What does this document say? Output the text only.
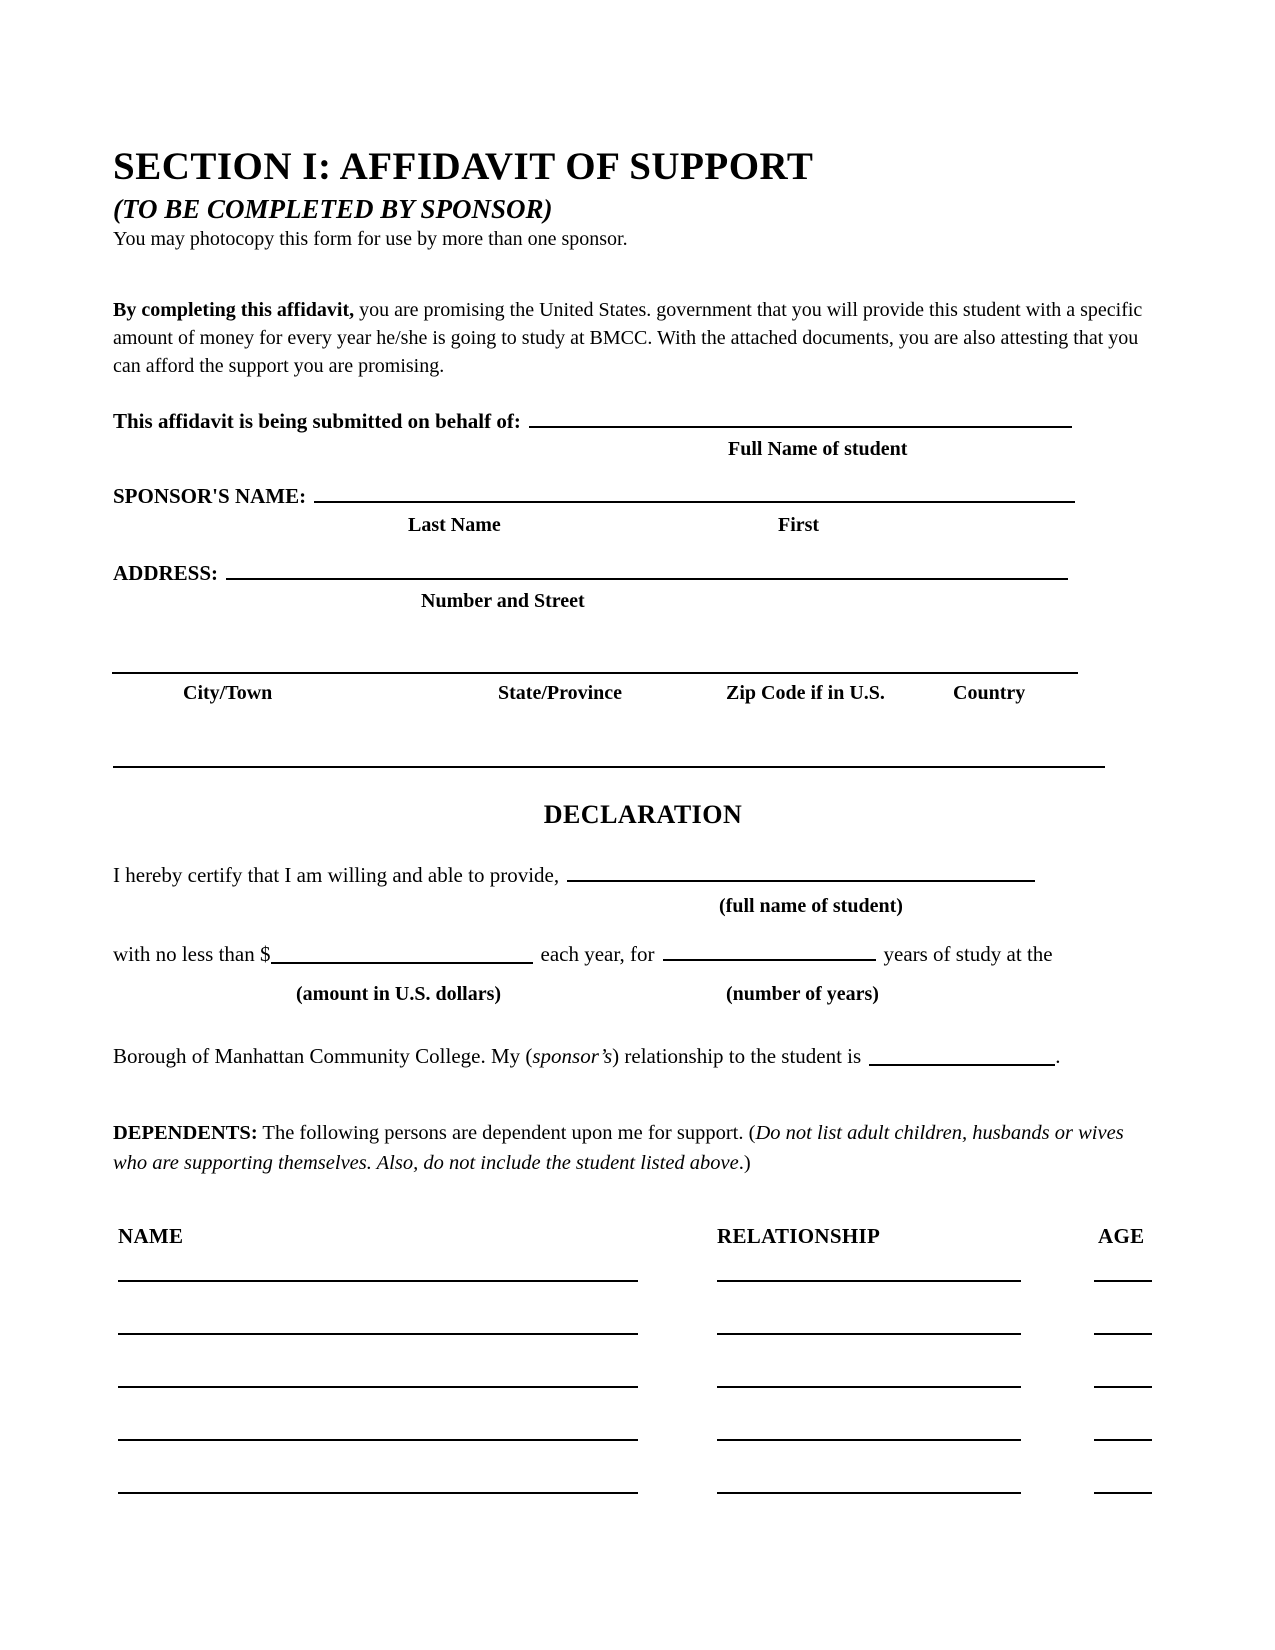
SECTION I: AFFIDAVIT OF SUPPORT
(TO BE COMPLETED BY SPONSOR)
You may photocopy this form for use by more than one sponsor.
By completing this affidavit, you are promising the United States. government that you will provide this student with a specific amount of money for every year he/she is going to study at BMCC. With the attached documents, you are also attesting that you can afford the support you are promising.
This affidavit is being submitted on behalf of:
Full Name of student
SPONSOR'S NAME:
Last Name	First
ADDRESS:
Number and Street
City/Town	State/Province	Zip Code if in U.S.	Country
DECLARATION
I hereby certify that I am willing and able to provide,
(full name of student)
with no less than $	each year, for	years of study at the
(amount in U.S. dollars)	(number of years)
Borough of Manhattan Community College. My (sponsor’s) relationship to the student is	.
DEPENDENTS: The following persons are dependent upon me for support. (Do not list adult children, husbands or wives who are supporting themselves. Also, do not include the student listed above.)
NAME	RELATIONSHIP	AGE
